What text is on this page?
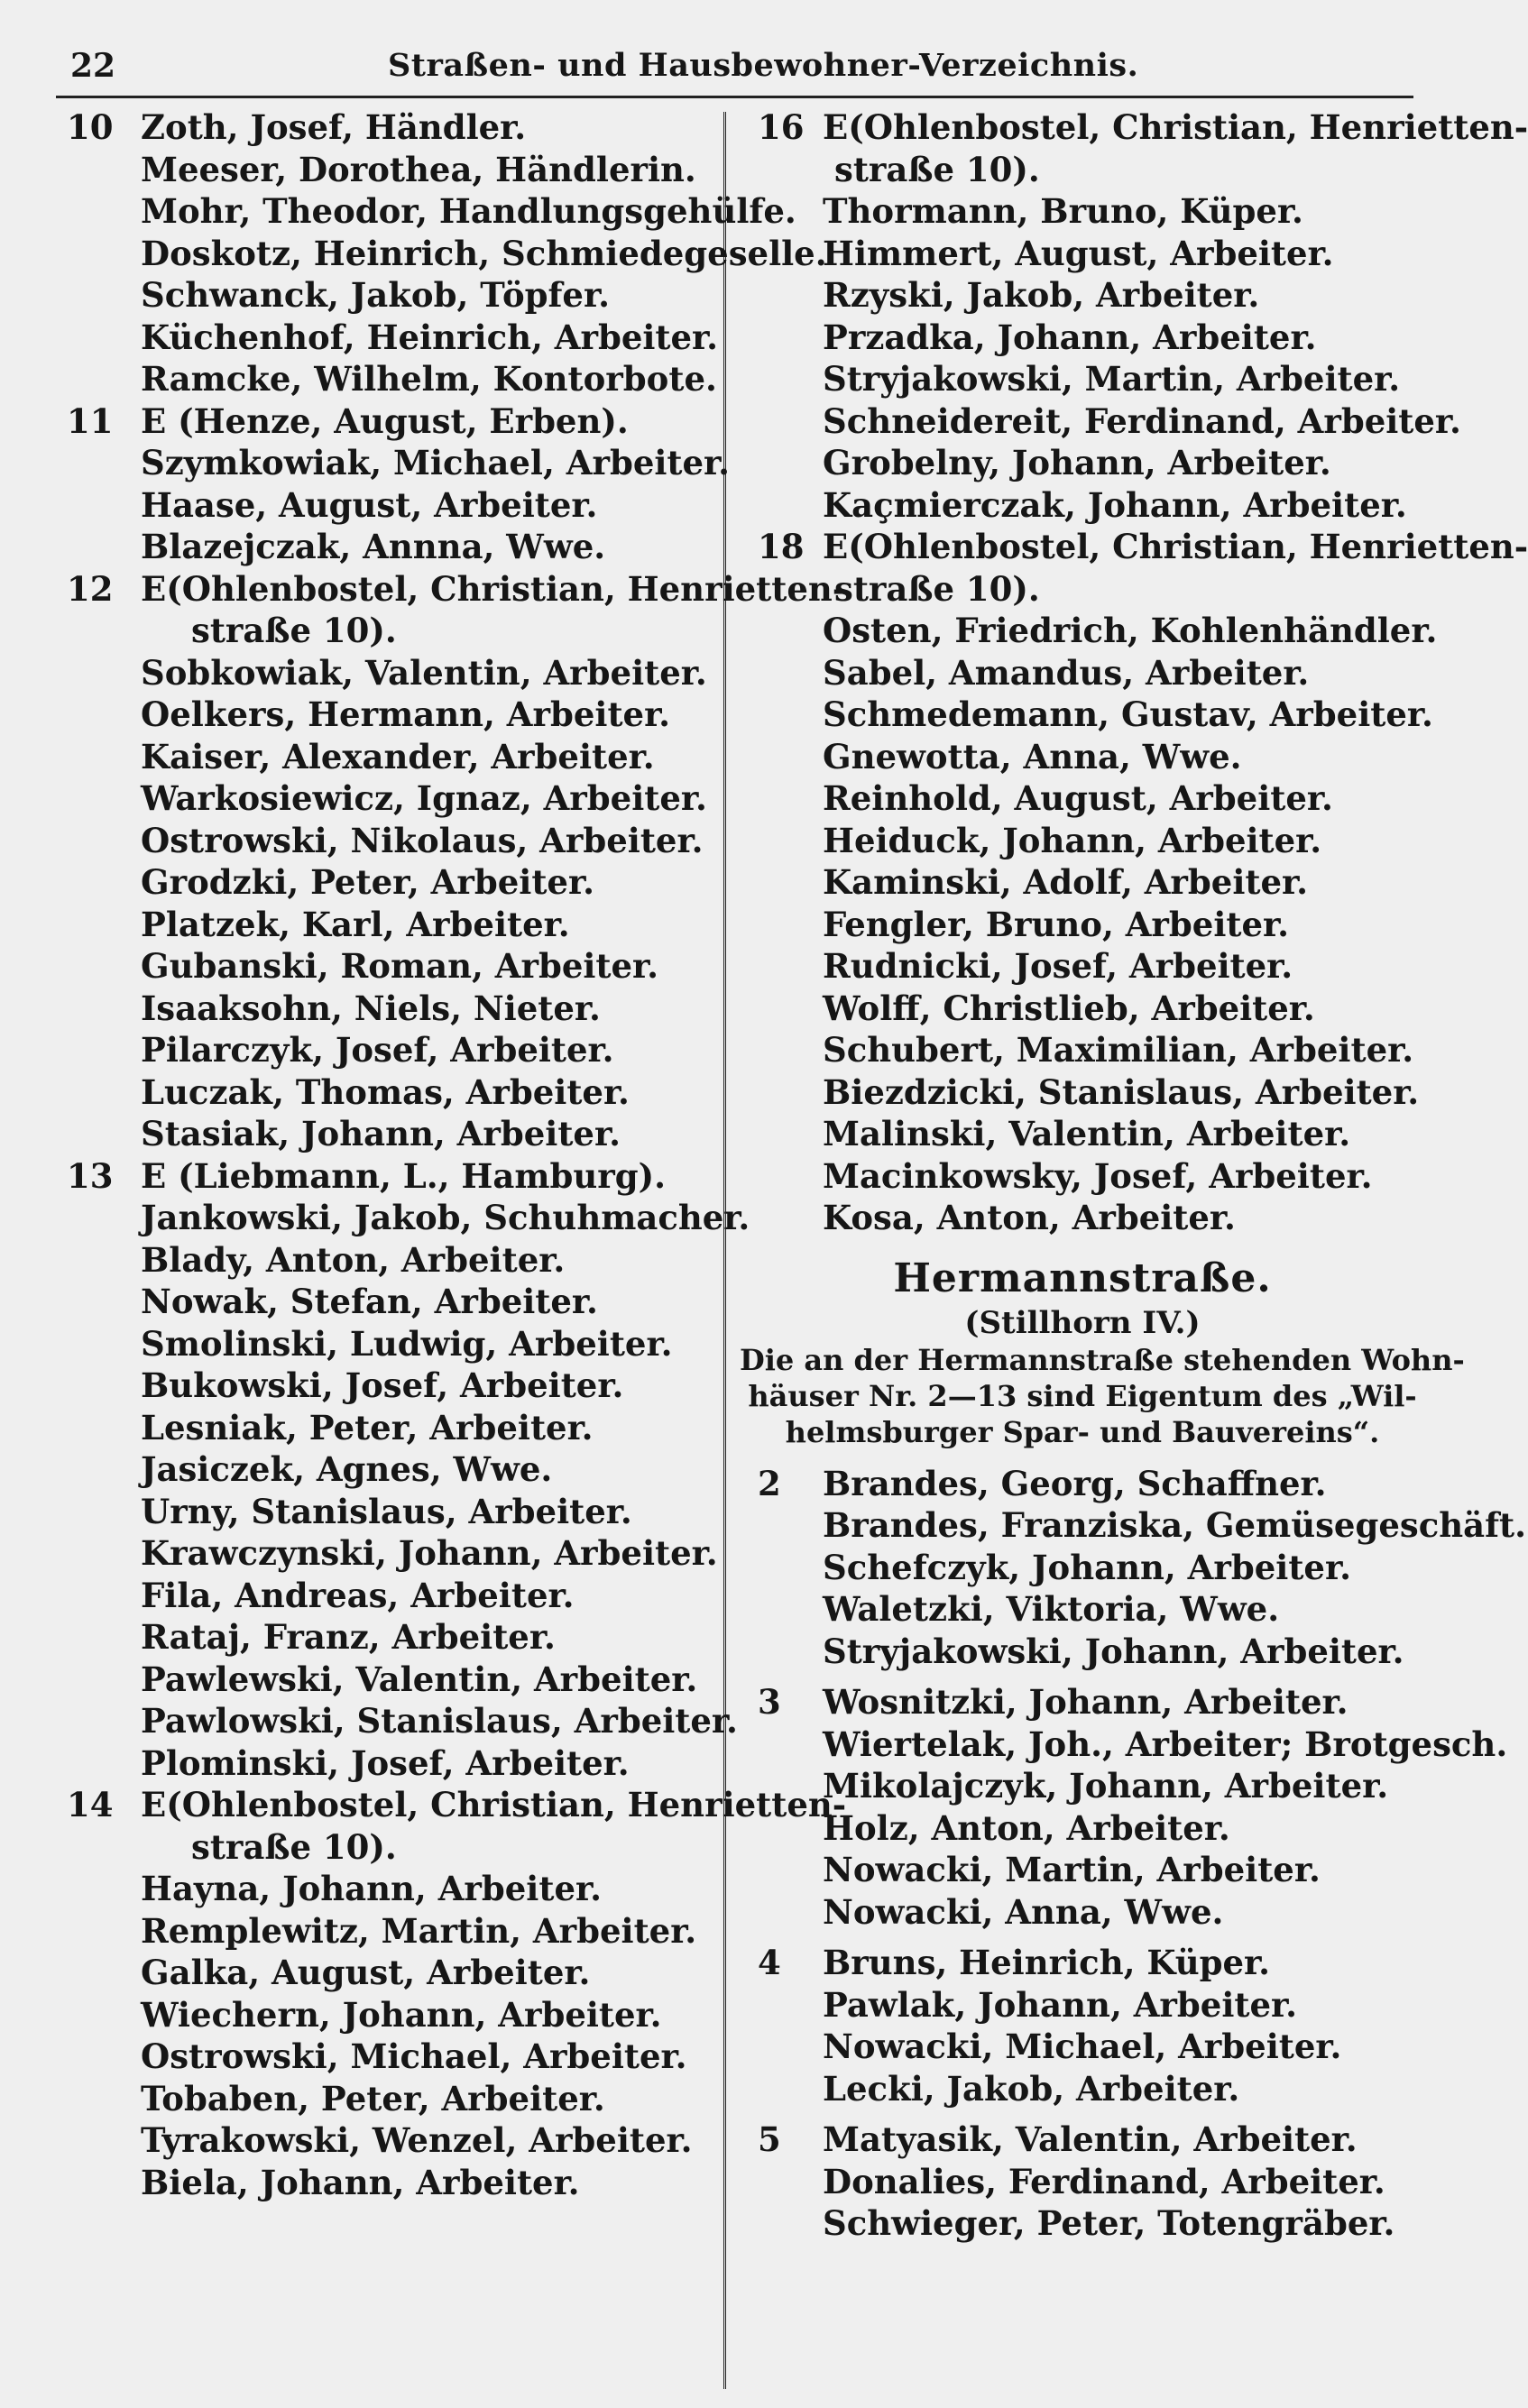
22	Straßen- und Hausbewohner-Verzeichnis.
10 Zoth, Josef, Händler.
Meeser, Dorothea, Händlerin.
Mohr, Theodor, Handlungsgehülfe.
Doskotz, Heinrich, Schmiedegeselle.
Schwanck, Jakob, Töpfer.
Küchenhof, Heinrich, Arbeiter.
Ramcke, Wilhelm, Kontorbote.
11 E (Henze, August, Erben).
Szymkowiak, Michael, Arbeiter.
Haase, August, Arbeiter.
Blazejczak, Annna, Wwe.
12 E(Ohlenbostel, Christian, Henrietten-
straße 10).
Sobkowiak, Valentin, Arbeiter.
Oelkers, Hermann, Arbeiter.
Kaiser, Alexander, Arbeiter.
Warkosiewicz, Ignaz, Arbeiter.
Ostrowski, Nikolaus, Arbeiter.
Grodzki, Peter, Arbeiter.
Platzek, Karl, Arbeiter.
Gubanski, Roman, Arbeiter.
Isaaksohn, Niels, Nieter.
Pilarczyk, Josef, Arbeiter.
Luczak, Thomas, Arbeiter.
Stasiak, Johann, Arbeiter.
13 E (Liebmann, L., Hamburg).
Jankowski, Jakob, Schuhmacher.
Blady, Anton, Arbeiter.
Nowak, Stefan, Arbeiter.
Smolinski, Ludwig, Arbeiter.
Bukowski, Josef, Arbeiter.
Lesniak, Peter, Arbeiter.
Jasiczek, Agnes, Wwe.
Urny, Stanislaus, Arbeiter.
Krawczynski, Johann, Arbeiter.
Fila, Andreas, Arbeiter.
Rataj, Franz, Arbeiter.
Pawlewski, Valentin, Arbeiter.
Pawlowski, Stanislaus, Arbeiter.
Plominski, Josef, Arbeiter.
14 E(Ohlenbostel, Christian, Henrietten-
straße 10).
Hayna, Johann, Arbeiter.
Remplewitz, Martin, Arbeiter.
Galka, August, Arbeiter.
Wiechern, Johann, Arbeiter.
Ostrowski, Michael, Arbeiter.
Tobaben, Peter, Arbeiter.
Tyrakowski, Wenzel, Arbeiter.
Biela, Johann, Arbeiter.
16 E(Ohlenbostel, Christian, Henrietten-
straße 10).
Thormann, Bruno, Küper.
Himmert, August, Arbeiter.
Rzyski, Jakob, Arbeiter.
Przadka, Johann, Arbeiter.
Stryjakowski, Martin, Arbeiter.
Schneidereit, Ferdinand, Arbeiter.
Grobelny, Johann, Arbeiter.
Kaçmierczak, Johann, Arbeiter.
18 E(Ohlenbostel, Christian, Henrietten-
straße 10).
Osten, Friedrich, Kohlenhändler.
Sabel, Amandus, Arbeiter.
Schmedemann, Gustav, Arbeiter.
Gnewotta, Anna, Wwe.
Reinhold, August, Arbeiter.
Heiduck, Johann, Arbeiter.
Kaminski, Adolf, Arbeiter.
Fengler, Bruno, Arbeiter.
Rudnicki, Josef, Arbeiter.
Wolff, Christlieb, Arbeiter.
Schubert, Maximilian, Arbeiter.
Biezdzicki, Stanislaus, Arbeiter.
Malinski, Valentin, Arbeiter.
Macinkowsky, Josef, Arbeiter.
Kosa, Anton, Arbeiter.
Hermannstraße.
(Stillhorn IV.)
Die an der Hermannstraße stehenden Wohn-
häuser Nr. 2—13 sind Eigentum des „Wil-
helmsburger Spar- und Bauvereins“.
2	Brandes, Georg, Schaffner.
Brandes, Franziska, Gemüsegeschäft.
Schefczyk, Johann, Arbeiter.
Waletzki, Viktoria, Wwe.
Stryjakowski, Johann, Arbeiter.
3	Wosnitzki, Johann, Arbeiter.
Wiertelak, Joh., Arbeiter; Brotgesch.
Mikolajczyk, Johann, Arbeiter.
Holz, Anton, Arbeiter.
Nowacki, Martin, Arbeiter.
Nowacki, Anna, Wwe.
4	Bruns, Heinrich, Küper.
Pawlak, Johann, Arbeiter.
Nowacki, Michael, Arbeiter.
Lecki, Jakob, Arbeiter.
5	Matyasik, Valentin, Arbeiter.
Donalies, Ferdinand, Arbeiter.
Schwieger, Peter, Totengräber.
